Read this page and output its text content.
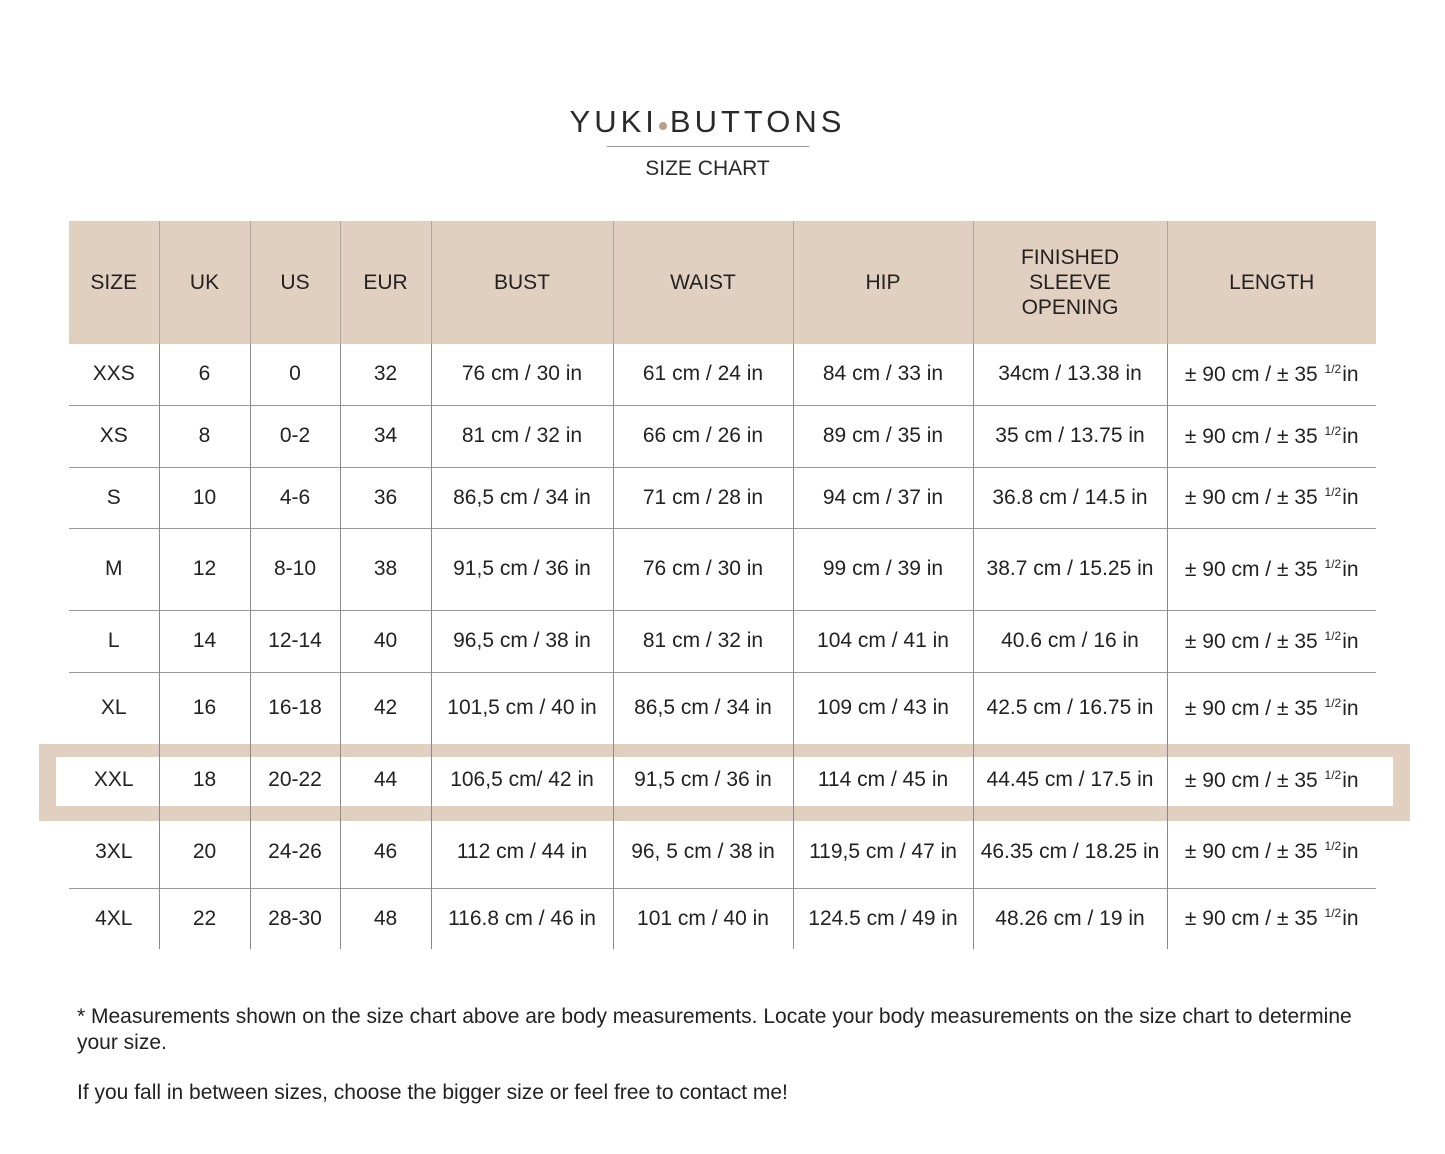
YUKI BUTTONS
SIZE CHART
SIZE	UK	US	EUR	BUST	WAIST	HIP	FINISHED SLEEVE OPENING	LENGTH
XXS	6	0	32	76 cm / 30 in	61 cm / 24 in	84 cm / 33 in	34cm / 13.38 in	± 90 cm / ± 35 $^{1/2}$in
XS	8	0-2	34	81 cm / 32 in	66 cm / 26 in	89 cm / 35 in	35 cm / 13.75 in	± 90 cm / ± 35 $^{1/2}$in
S	10	4-6	36	86,5 cm / 34 in	71 cm / 28 in	94 cm / 37 in	36.8 cm / 14.5 in	± 90 cm / ± 35 $^{1/2}$in
M	12	8-10	38	91,5 cm / 36 in	76 cm / 30 in	99 cm / 39 in	38.7 cm / 15.25 in	± 90 cm / ± 35 $^{1/2}$in
L	14	12-14	40	96,5 cm / 38 in	81 cm / 32 in	104 cm / 41 in	40.6 cm / 16 in	± 90 cm / ± 35 $^{1/2}$in
XL	16	16-18	42	101,5 cm / 40 in	86,5 cm / 34 in	109 cm / 43 in	42.5 cm / 16.75 in	± 90 cm / ± 35 $^{1/2}$in
XXL	18	20-22	44	106,5 cm/ 42 in	91,5 cm / 36 in	114 cm / 45 in	44.45 cm / 17.5 in	± 90 cm / ± 35 $^{1/2}$in
3XL	20	24-26	46	112 cm / 44 in	96, 5 cm / 38 in	119,5 cm / 47 in	46.35 cm / 18.25 in	± 90 cm / ± 35 $^{1/2}$in
4XL	22	28-30	48	116.8 cm / 46 in	101 cm / 40 in	124.5 cm / 49 in	48.26 cm / 19 in	± 90 cm / ± 35 $^{1/2}$in

* Measurements shown on the size chart above are body measurements. Locate your body measurements on the size chart to determine your size.

If you fall in between sizes, choose the bigger size or feel free to contact me!
